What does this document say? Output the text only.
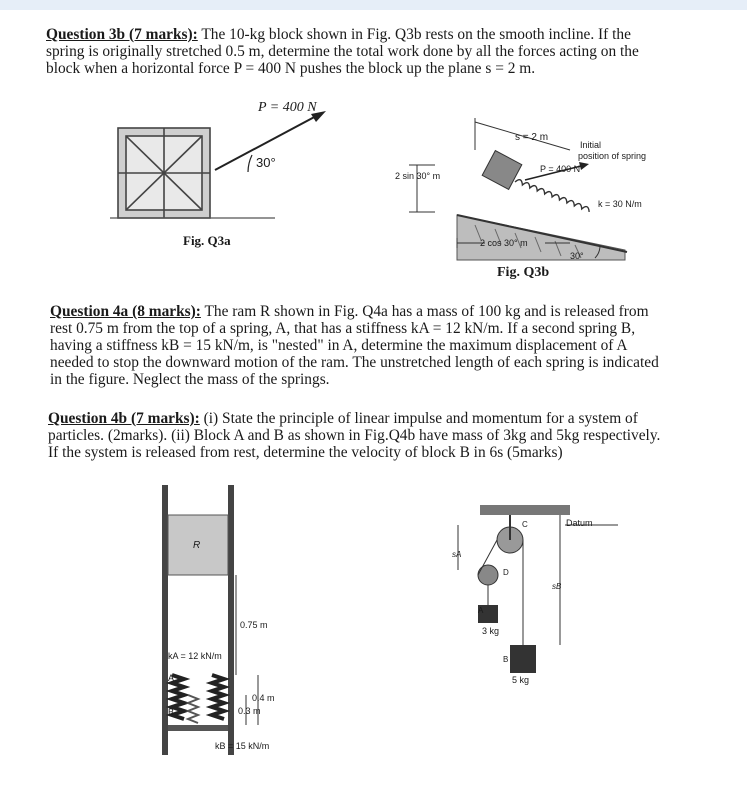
Question 3b (7 marks): The 10-kg block shown in Fig. Q3b rests on the smooth incline. If the spring is originally stretched 0.5 m, determine the total work done by all the forces acting on the block when a horizontal force P = 400 N pushes the block up the plane s = 2 m.
P = 400 N
30°
Fig. Q3a
s = 2 m
Initial
position of spring
P = 400 N
k = 30 N/m
2 sin 30° m
2 cos 30° m
30°
Fig. Q3b
Question 4a (8 marks): The ram R shown in Fig. Q4a has a mass of 100 kg and is released from rest 0.75 m from the top of a spring, A, that has a stiffness kA = 12 kN/m. If a second spring B, having a stiffness kB = 15 kN/m, is "nested" in A, determine the maximum displacement of A needed to stop the downward motion of the ram. The unstretched length of each spring is indicated in the figure. Neglect the mass of the springs.
Question 4b (7 marks): (i) State the principle of linear impulse and momentum for a system of particles. (2marks). (ii) Block A and B as shown in Fig.Q4b have mass of 3kg and 5kg respectively. If the system is released from rest, determine the velocity of block B in 6s (5marks)
R
0.75 m
kA = 12 kN/m
A
B
0.4 m
0.3 m
kB = 15 kN/m
Datum
sA
sB
C
D
A
B
3 kg
5 kg
